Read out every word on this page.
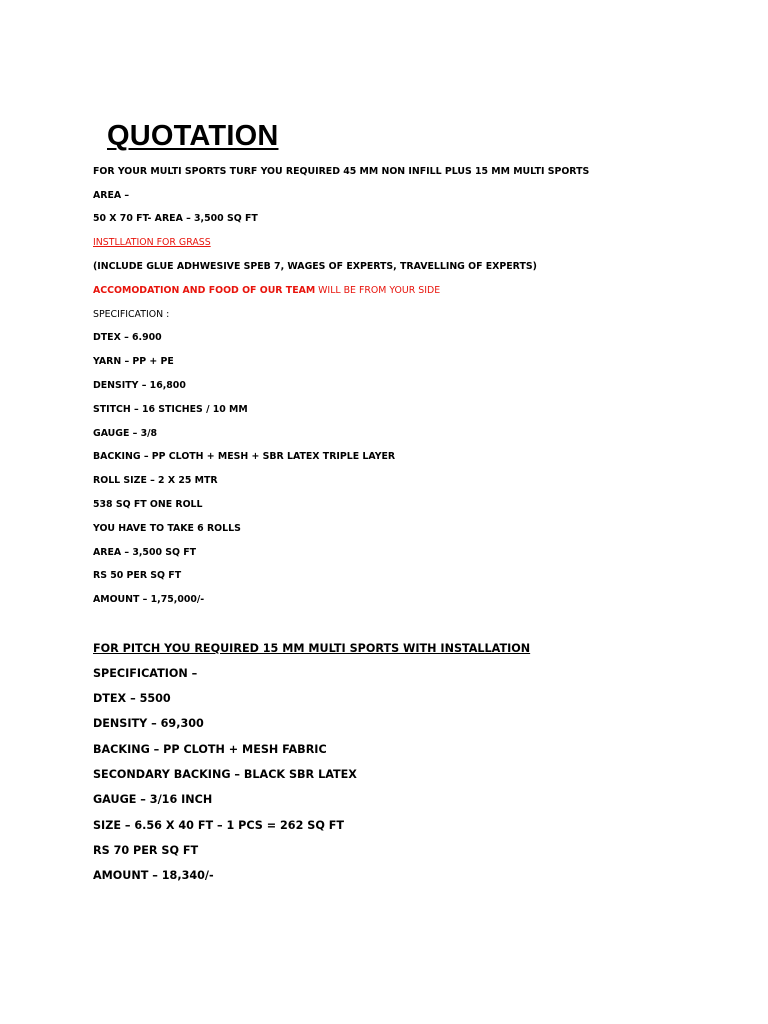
QUOTATION

FOR YOUR MULTI SPORTS TURF YOU REQUIRED 45 MM NON INFILL PLUS 15 MM MULTI SPORTS

AREA –

50 X 70 FT- AREA – 3,500 SQ FT

INSTLLATION FOR GRASS

(INCLUDE GLUE ADHWESIVE SPEB 7, WAGES OF EXPERTS, TRAVELLING OF EXPERTS)

ACCOMODATION AND FOOD OF OUR TEAM WILL BE FROM YOUR SIDE

SPECIFICATION :

DTEX – 6.900

YARN – PP + PE

DENSITY – 16,800

STITCH – 16 STICHES / 10 MM

GAUGE – 3/8

BACKING – PP CLOTH + MESH + SBR LATEX TRIPLE LAYER

ROLL SIZE – 2 X 25 MTR

538 SQ FT ONE ROLL

YOU HAVE TO TAKE 6 ROLLS

AREA – 3,500 SQ FT

RS 50 PER SQ FT

AMOUNT – 1,75,000/-

FOR PITCH YOU REQUIRED 15 MM MULTI SPORTS WITH INSTALLATION

SPECIFICATION –

DTEX – 5500

DENSITY – 69,300

BACKING – PP CLOTH + MESH FABRIC

SECONDARY BACKING – BLACK SBR LATEX

GAUGE – 3/16 INCH

SIZE – 6.56 X 40 FT – 1 PCS = 262 SQ FT

RS 70 PER SQ FT

AMOUNT – 18,340/-
